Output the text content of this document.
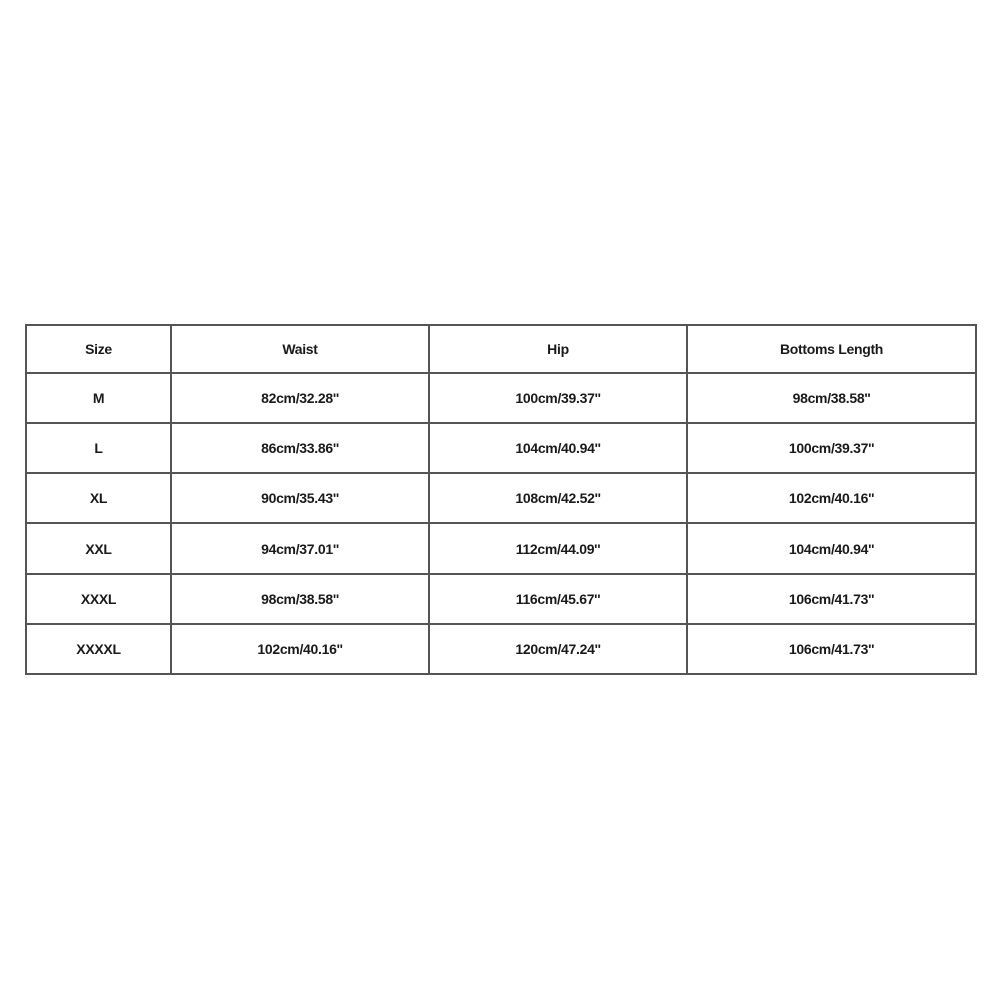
Size	Waist	Hip	Bottoms Length
M	82cm/32.28''	100cm/39.37''	98cm/38.58''
L	86cm/33.86''	104cm/40.94''	100cm/39.37''
XL	90cm/35.43''	108cm/42.52''	102cm/40.16''
XXL	94cm/37.01''	112cm/44.09''	104cm/40.94''
XXXL	98cm/38.58''	116cm/45.67''	106cm/41.73''
XXXXL	102cm/40.16''	120cm/47.24''	106cm/41.73''
